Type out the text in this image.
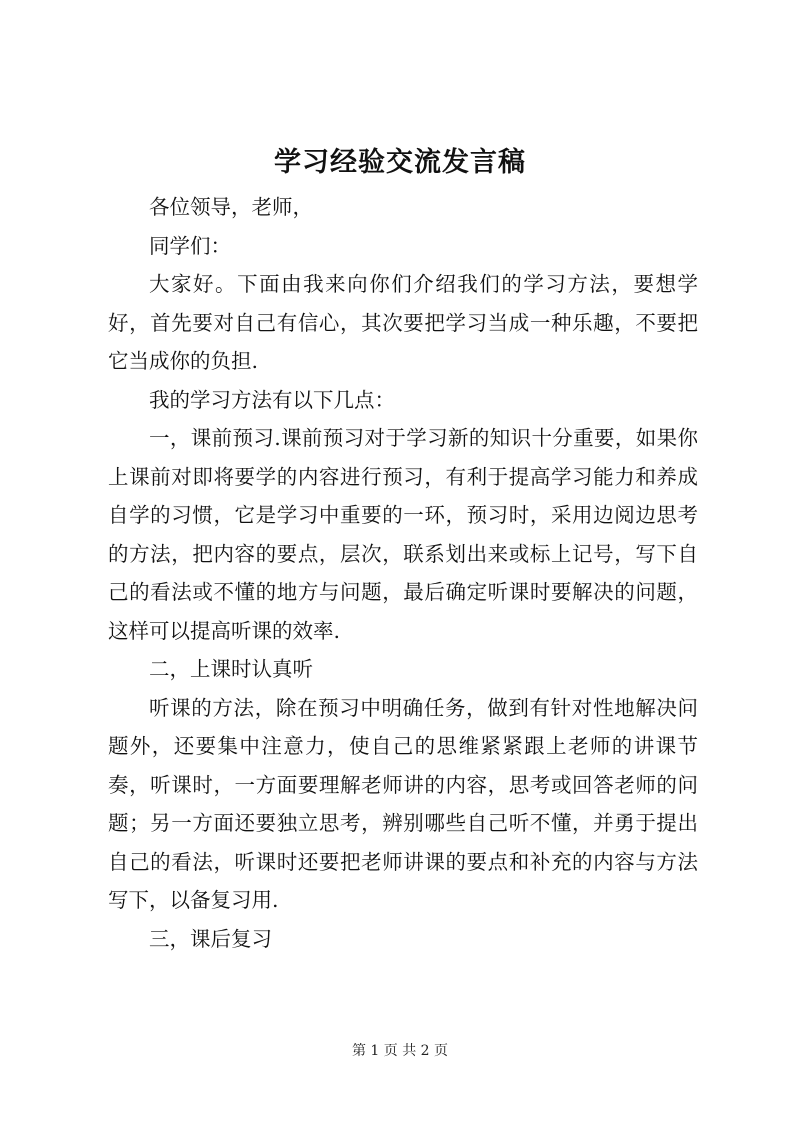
学习经验交流发言稿

各位领导，老师，

同学们：

大家好。下面由我来向你们介绍我们的学习方法，要想学好，首先要对自己有信心，其次要把学习当成一种乐趣，不要把它当成你的负担.

我的学习方法有以下几点：

一，课前预习.课前预习对于学习新的知识十分重要，如果你上课前对即将要学的内容进行预习，有利于提高学习能力和养成自学的习惯，它是学习中重要的一环，预习时，采用边阅边思考的方法，把内容的要点，层次，联系划出来或标上记号，写下自己的看法或不懂的地方与问题，最后确定听课时要解决的问题，这样可以提高听课的效率.

二，上课时认真听

听课的方法，除在预习中明确任务，做到有针对性地解决问题外，还要集中注意力，使自己的思维紧紧跟上老师的讲课节奏，听课时，一方面要理解老师讲的内容，思考或回答老师的问题；另一方面还要独立思考，辨别哪些自己听不懂，并勇于提出自己的看法，听课时还要把老师讲课的要点和补充的内容与方法写下，以备复习用.

三，课后复习

第 1 页 共 2 页
